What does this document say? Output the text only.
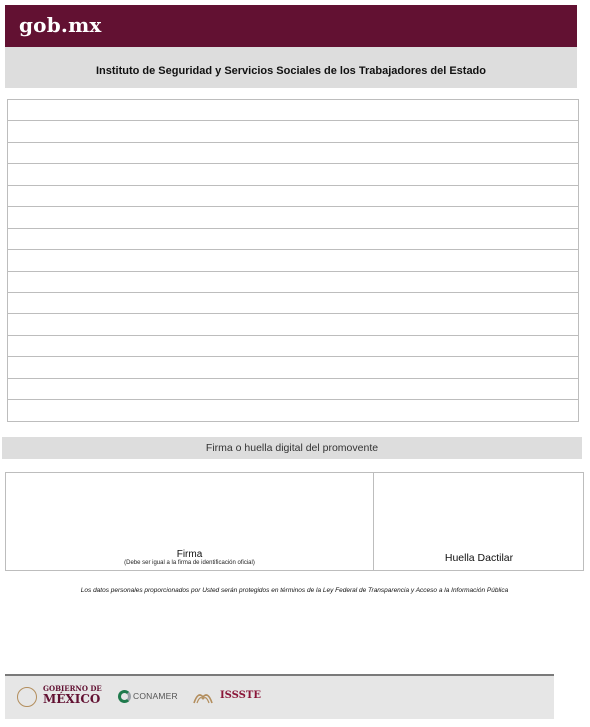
gob.mx
$_{Instituto de Seguridad y Servicios Sociales de los Trabajadores del Estado}$
Firma o huella digital del promovente
Firma
(Debe ser igual a la firma de identificación oficial)	Huella Dactilar
Los datos personales proporcionados por Usted serán protegidos en términos de la Ley Federal de Transparencia y Acceso a la Información Pública
GOBIERNO DE
MÉXICO	CONAMER	ISSSTE
